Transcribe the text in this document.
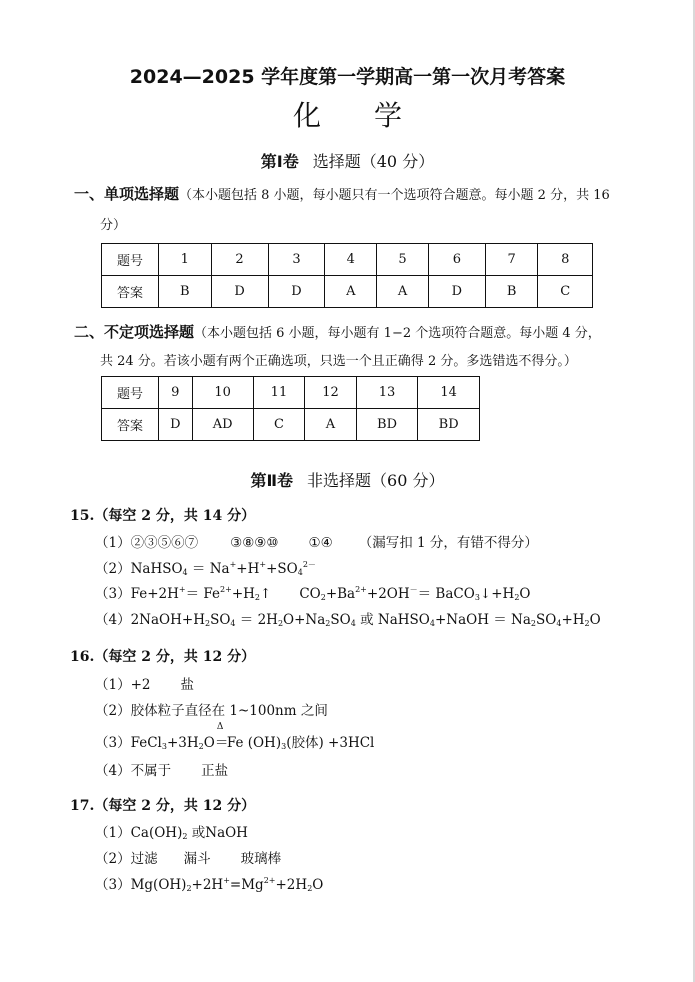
2024—2025 学年度第一学期高一第一次月考答案
化 学
第Ⅰ卷 选择题（40 分）
一、单项选择题（本小题包括 8 小题，每小题只有一个选项符合题意。每小题 2 分，共 16
分）
题号	1	2	3	4	5	6	7	8
答案	B	D	D	A	A	D	B	C
二、不定项选择题（本小题包括 6 小题，每小题有 1−2 个选项符合题意。每小题 4 分，
共 24 分。若该小题有两个正确选项，只选一个且正确得 2 分。多选错选不得分。）
题号	9	10	11	12	13	14
答案	D	AD	C	A	BD	BD
第Ⅱ卷 非选择题（60 分）
15.（每空 2 分，共 14 分）
（1）②③⑤⑥⑦ ③⑧⑨⑩ ①④ （漏写扣 1 分，有错不得分）
（2）NaHSO$_4$ ＝ $Na^++H^++SO_4^{2-}$
$(3)Fe+2H^+= Fe^{2+}+H_2↑$ $CO_2+Ba^{2+}+2OH^-=$ $BaCO_3↓+H_2O$
$(4)2NaOH+H_2SO_4 = 2H_2O+Na_2SO_4$ 或 NaHSO$_4$+NaOH ＝ $Na_2SO_4+H_2O$
16.（每空 2 分，共 12 分）
（1）+2 盐
（2）胶体粒子直径在 1~100nm 之间
$(3)FeCl_3+3H_2O$
Δ
＝Fe $(OH)_3$(胶体) +3HCl
（4）不属于 正盐
17.（每空 2 分，共 12 分）
$(1)Ca(OH)_2$ 或NaOH
（2）过滤 漏斗 玻璃棒
$(3)Mg(OH)_2+2H^+=Mg^{2+}+2H_2O$
